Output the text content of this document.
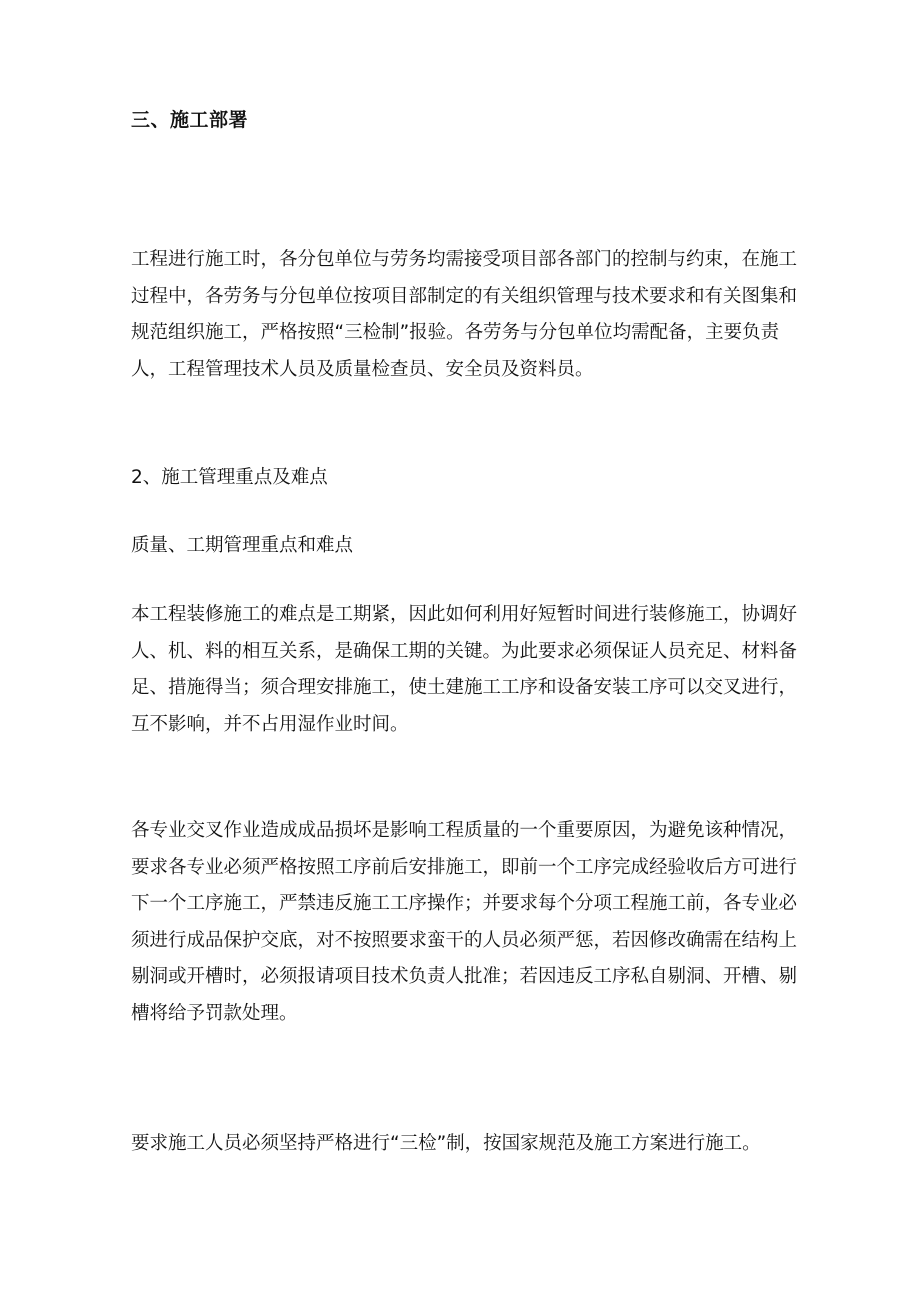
三、施工部署

工程进行施工时，各分包单位与劳务均需接受项目部各部门的控制与约束，在施工
过程中，各劳务与分包单位按项目部制定的有关组织管理与技术要求和有关图集和
规范组织施工，严格按照“三检制”报验。各劳务与分包单位均需配备，主要负责
人，工程管理技术人员及质量检查员、安全员及资料员。

2、施工管理重点及难点
质量、工期管理重点和难点

本工程装修施工的难点是工期紧，因此如何利用好短暂时间进行装修施工，协调好
人、机、料的相互关系，是确保工期的关键。为此要求必须保证人员充足、材料备
足、措施得当；须合理安排施工，使土建施工工序和设备安装工序可以交叉进行，
互不影响，并不占用湿作业时间。

各专业交叉作业造成成品损坏是影响工程质量的一个重要原因，为避免该种情况，
要求各专业必须严格按照工序前后安排施工，即前一个工序完成经验收后方可进行
下一个工序施工，严禁违反施工工序操作；并要求每个分项工程施工前，各专业必
须进行成品保护交底，对不按照要求蛮干的人员必须严惩，若因修改确需在结构上
剔洞或开槽时，必须报请项目技术负责人批准；若因违反工序私自剔洞、开槽、剔
槽将给予罚款处理。

要求施工人员必须坚持严格进行“三检”制，按国家规范及施工方案进行施工。
